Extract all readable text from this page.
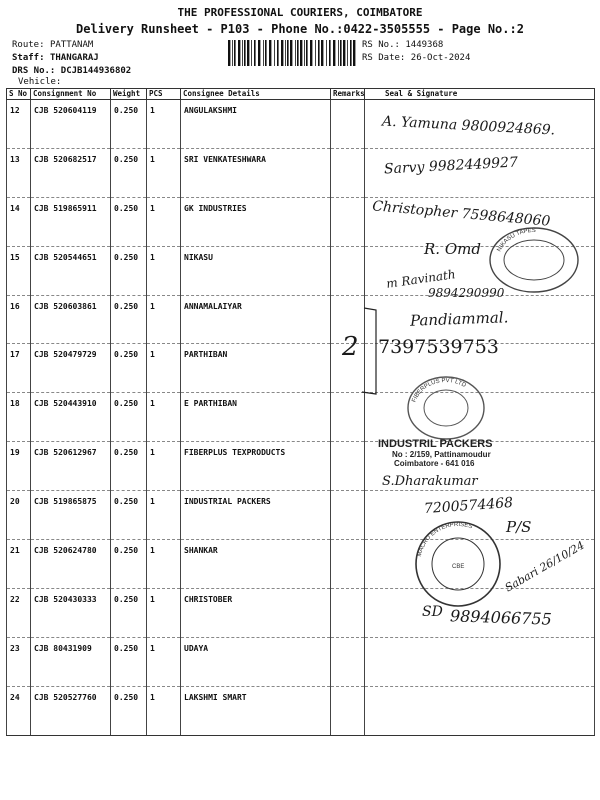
THE PROFESSIONAL COURIERS, COIMBATORE
Delivery Runsheet - P103 - Phone No.:0422-3505555 - Page No.:2
Route: PATTANAM
Staff: THANGARAJ
DRS No.: DCJB144936802
Vehicle:
RS No.: 1449368
RS Date: 26-Oct-2024
S No	Consignment No	Weight	PCS	Consignee Details	Remarks	Seal & Signature
12	CJB 520604119	0.250	1	ANGULAKSHMI		
13	CJB 520682517	0.250	1	SRI VENKATESHWARA		
14	CJB 519865911	0.250	1	GK INDUSTRIES		
15	CJB 520544651	0.250	1	NIKASU		
16	CJB 520603861	0.250	1	ANNAMALAIYAR		
17	CJB 520479729	0.250	1	PARTHIBAN		
18	CJB 520443910	0.250	1	E PARTHIBAN		
19	CJB 520612967	0.250	1	FIBERPLUS TEXPRODUCTS		
20	CJB 519865875	0.250	1	INDUSTRIAL PACKERS		
21	CJB 520624780	0.250	1	SHANKAR		
22	CJB 520430333	0.250	1	CHRISTOBER		
23	CJB 80431909	0.250	1	UDAYA		
24	CJB 520527760	0.250	1	LAKSHMI SMART		
A. Yamuna 9800924869.
Sarvy 9982449927
Christopher 7598648060
R. Omd
m Ravinath
9894290990
Pandiammal.
2 7397539753
S.Dharakumar
7200574468
P/S
Sabari 26/10/24
SD 9894066755
NIKASU TAPES
FIBERPLUS PVT LTD
INDUSTRIL PACKERS
No : 2/159, Pattinamoudur
Coimbatore - 641 016
MACRO ENTERPRISES
CBE
